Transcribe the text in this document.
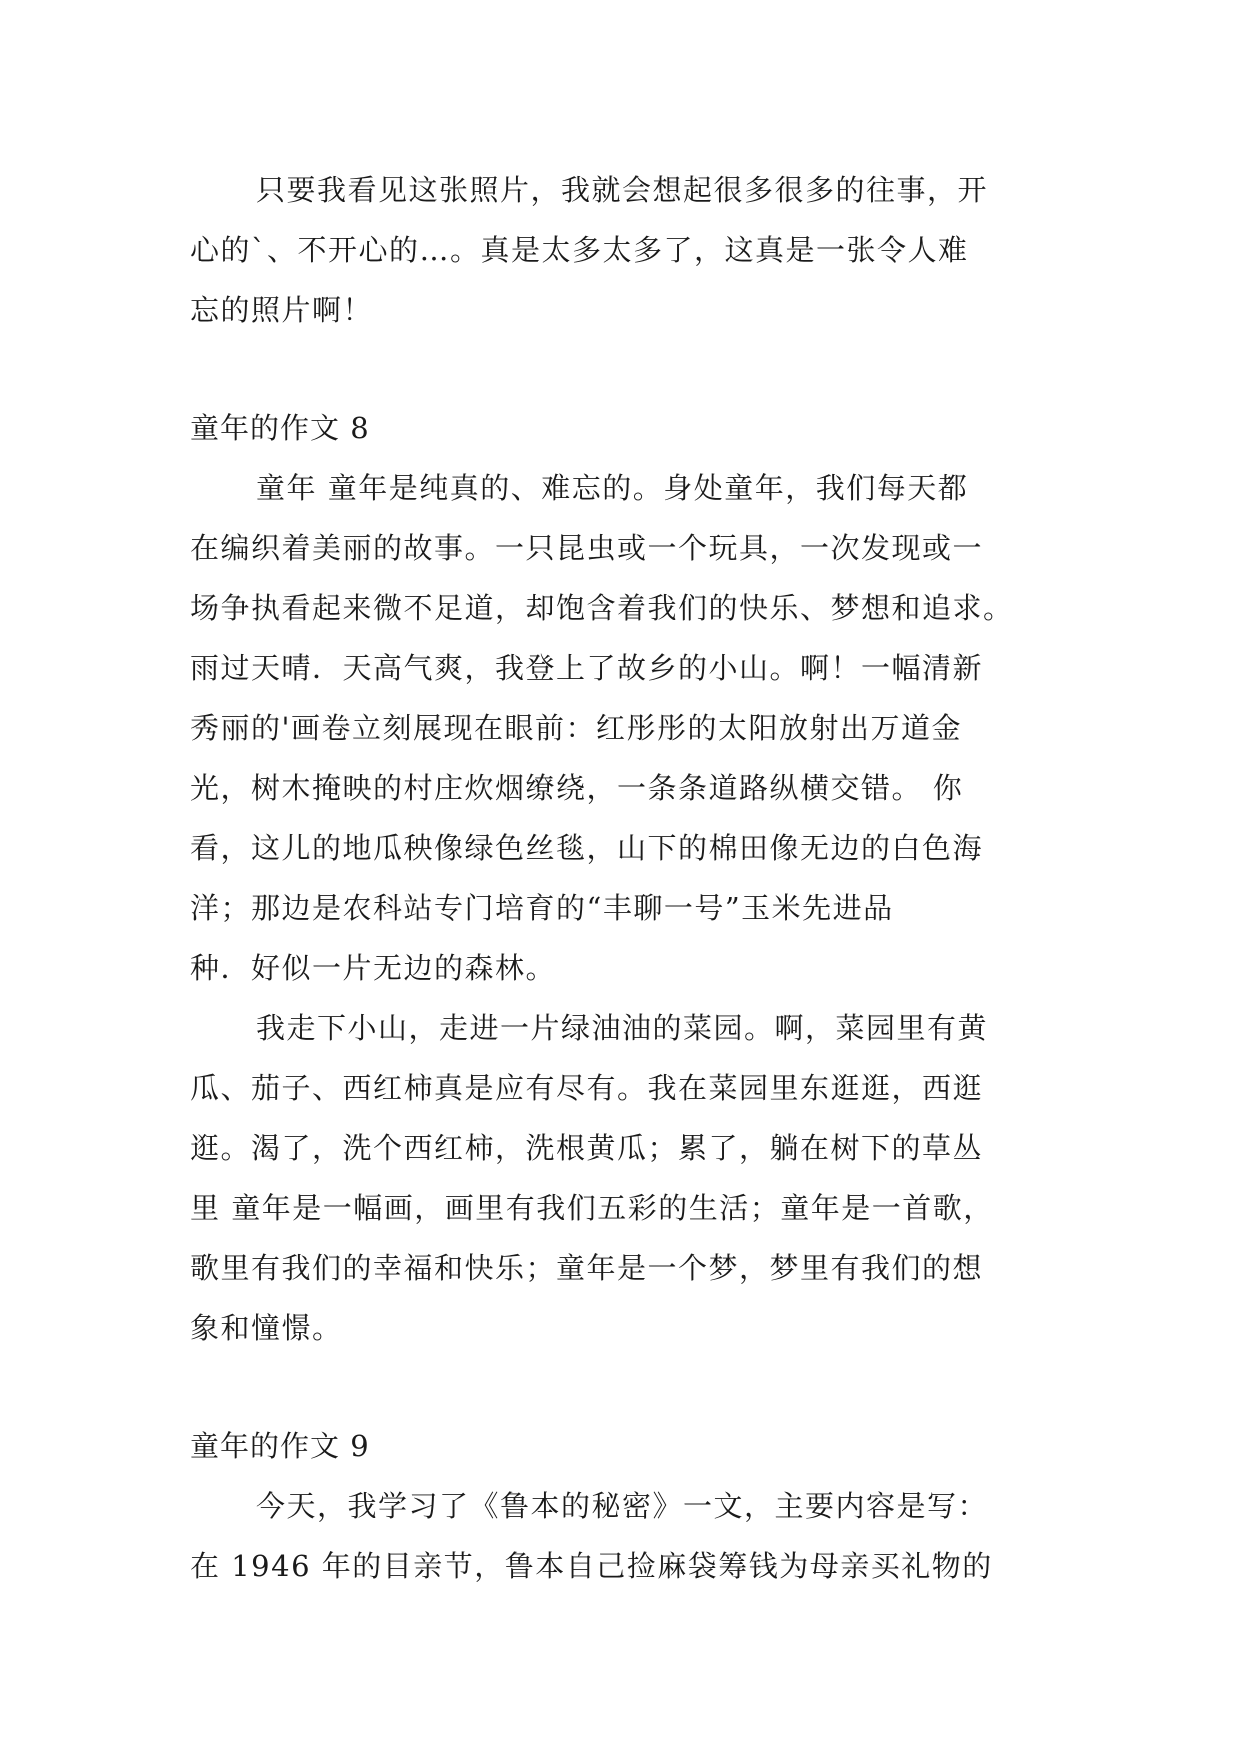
只要我看见这张照片，我就会想起很多很多的往事，开
心的`、不开心的…。真是太多太多了，这真是一张令人难
忘的照片啊！
童年的作文 8
童年 童年是纯真的、难忘的。身处童年，我们每天都
在编织着美丽的故事。一只昆虫或一个玩具，一次发现或一
场争执看起来微不足道，却饱含着我们的快乐、梦想和追求。
雨过天晴．天高气爽，我登上了故乡的小山。啊！一幅清新
秀丽的'画卷立刻展现在眼前：红彤彤的太阳放射出万道金
光，树木掩映的村庄炊烟缭绕，一条条道路纵横交错。 你
看，这儿的地瓜秧像绿色丝毯，山下的棉田像无边的白色海
洋；那边是农科站专门培育的“丰聊一号”玉米先进品
种．好似一片无边的森林。
我走下小山，走进一片绿油油的菜园。啊，菜园里有黄
瓜、茄子、西红柿真是应有尽有。我在菜园里东逛逛，西逛
逛。渴了，洗个西红柿，洗根黄瓜；累了，躺在树下的草丛
里 童年是一幅画，画里有我们五彩的生活；童年是一首歌，
歌里有我们的幸福和快乐；童年是一个梦，梦里有我们的想
象和憧憬。
童年的作文 9
今天，我学习了《鲁本的秘密》一文，主要内容是写：
在 1946 年的目亲节，鲁本自己捡麻袋筹钱为母亲买礼物的
